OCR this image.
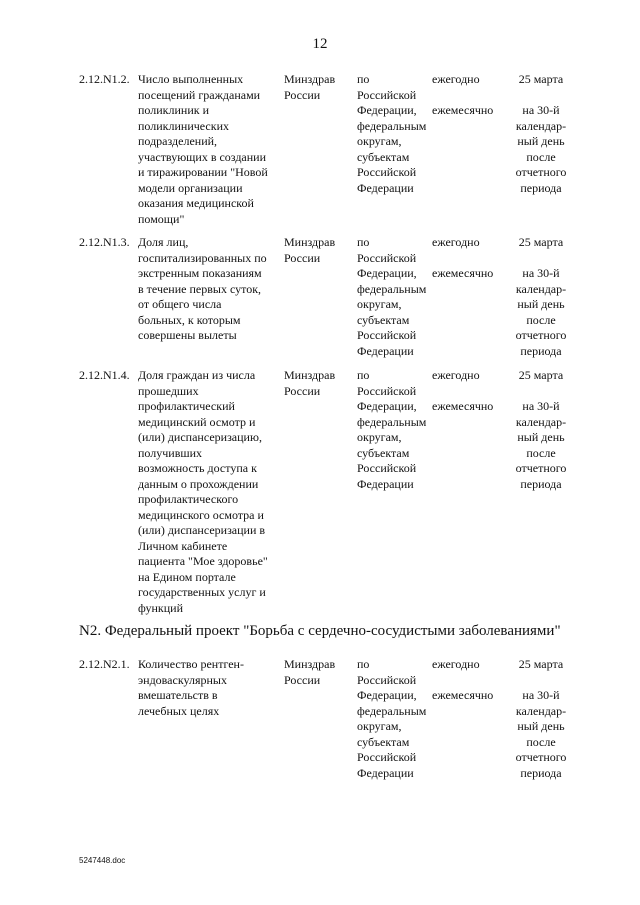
12
2.12.N1.2. Число выполненных
посещений гражданами
поликлиник и
поликлинических
подразделений,
участвующих в создании
и тиражировании "Новой
модели организации
оказания медицинской
помощи"
Минздрав
России
по
Российской
Федерации,
федеральным
округам,
субъектам
Российской
Федерации
ежегодно
ежемесячно
25 марта
на 30-й
календар-
ный день
после
отчетного
периода
2.12.N1.3. Доля лиц,
госпитализированных по
экстренным показаниям
в течение первых суток,
от общего числа
больных, к которым
совершены вылеты
Минздрав
России
по
Российской
Федерации,
федеральным
округам,
субъектам
Российской
Федерации
ежегодно
ежемесячно
25 марта
на 30-й
календар-
ный день
после
отчетного
периода
2.12.N1.4. Доля граждан из числа
прошедших
профилактический
медицинский осмотр и
(или) диспансеризацию,
получивших
возможность доступа к
данным о прохождении
профилактического
медицинского осмотра и
(или) диспансеризации в
Личном кабинете
пациента "Мое здоровье"
на Едином портале
государственных услуг и
функций
Минздрав
России
по
Российской
Федерации,
федеральным
округам,
субъектам
Российской
Федерации
ежегодно
ежемесячно
25 марта
на 30-й
календар-
ный день
после
отчетного
периода
N2. Федеральный проект "Борьба с сердечно-сосудистыми заболеваниями"
2.12.N2.1. Количество рентген-
эндоваскулярных
вмешательств в
лечебных целях
Минздрав
России
по
Российской
Федерации,
федеральным
округам,
субъектам
Российской
Федерации
ежегодно
ежемесячно
25 марта
на 30-й
календар-
ный день
после
отчетного
периода
5247448.doc
